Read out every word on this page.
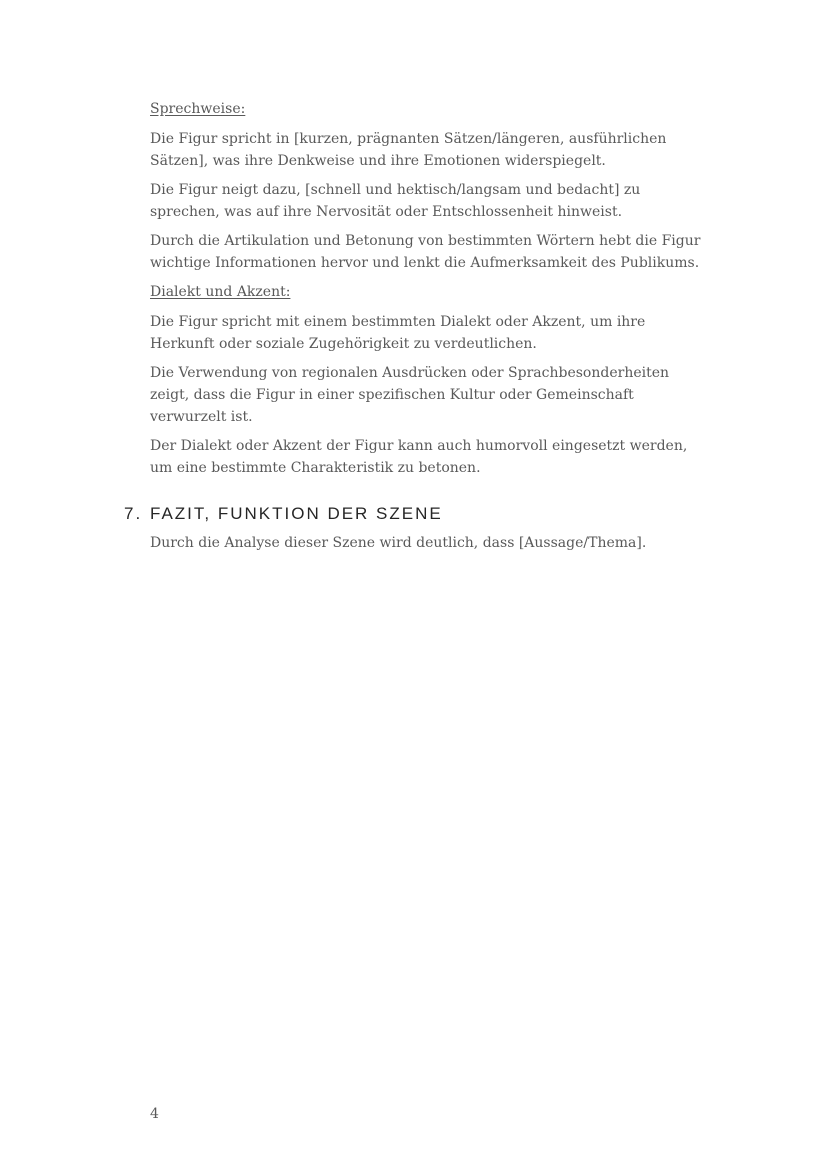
Sprechweise:

Die Figur spricht in [kurzen, prägnanten Sätzen/längeren, ausführlichen Sätzen], was ihre Denkweise und ihre Emotionen widerspiegelt.

Die Figur neigt dazu, [schnell und hektisch/langsam und bedacht] zu sprechen, was auf ihre Nervosität oder Entschlossenheit hinweist.

Durch die Artikulation und Betonung von bestimmten Wörtern hebt die Figur wichtige Informationen hervor und lenkt die Aufmerksamkeit des Publikums.

Dialekt und Akzent:

Die Figur spricht mit einem bestimmten Dialekt oder Akzent, um ihre Herkunft oder soziale Zugehörigkeit zu verdeutlichen.

Die Verwendung von regionalen Ausdrücken oder Sprachbesonderheiten zeigt, dass die Figur in einer spezifischen Kultur oder Gemeinschaft verwurzelt ist.

Der Dialekt oder Akzent der Figur kann auch humorvoll eingesetzt werden, um eine bestimmte Charakteristik zu betonen.

7. FAZIT, FUNKTION DER SZENE

Durch die Analyse dieser Szene wird deutlich, dass [Aussage/Thema].

4
